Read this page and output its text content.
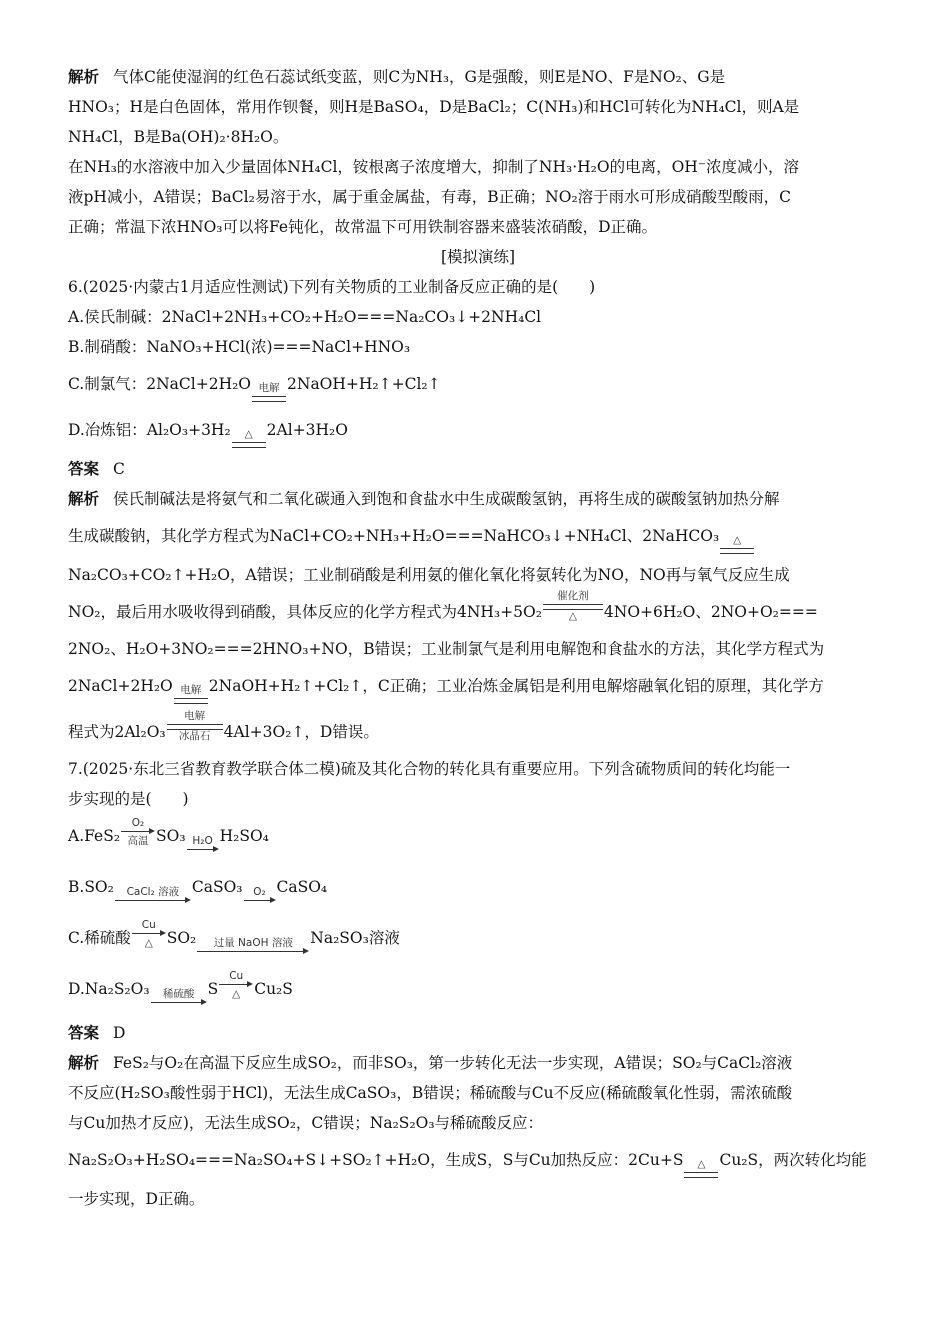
解析 气体C能使湿润的红色石蕊试纸变蓝，则C为NH₃，G是强酸，则E是NO、F是NO₂、G是
HNO₃；H是白色固体，常用作钡餐，则H是BaSO₄，D是BaCl₂；C(NH₃)和HCl可转化为NH₄Cl，则A是
NH₄Cl，B是Ba(OH)₂·8H₂O。
在NH₃的水溶液中加入少量固体NH₄Cl，铵根离子浓度增大，抑制了NH₃·H₂O的电离，OH⁻浓度减小，溶
液pH减小，A错误；BaCl₂易溶于水，属于重金属盐，有毒，B正确；NO₂溶于雨水可形成硝酸型酸雨，C
正确；常温下浓HNO₃可以将Fe钝化，故常温下可用铁制容器来盛装浓硝酸，D正确。
[模拟演练]
6.(2025·内蒙古1月适应性测试)下列有关物质的工业制备反应正确的是(　　)
A.侯氏制碱：2NaCl+2NH₃+CO₂+H₂O===Na₂CO₃↓+2NH₄Cl
B.制硝酸：NaNO₃+HCl(浓)===NaCl+HNO₃
C.制氯气：2NaCl+2H₂O 电解 2NaOH+H₂↑+Cl₂↑
D.冶炼铝：Al₂O₃+3H₂	△ 2Al+3H₂O
答案 C
解析 侯氏制碱法是将氨气和二氧化碳通入到饱和食盐水中生成碳酸氢钠，再将生成的碳酸氢钠加热分解
生成碳酸钠，其化学方程式为NaCl+CO₂+NH₃+H₂O===NaHCO₃↓+NH₄Cl、2NaHCO₃	△
Na₂CO₃+CO₂↑+H₂O，A错误；工业制硝酸是利用氨的催化氧化将氨转化为NO，NO再与氧气反应生成
NO₂，最后用水吸收得到硝酸，具体反应的化学方程式为4NH₃+5O₂
催化剂
△	4NO+6H₂O、2NO+O₂===
2NO₂、H₂O+3NO₂===2HNO₃+NO，B错误；工业制氯气是利用电解饱和食盐水的方法，其化学方程式为
2NaCl+2H₂O 电解 2NaOH+H₂↑+Cl₂↑，C正确；工业冶炼金属铝是利用电解熔融氧化铝的原理，其化学方
程式为2Al₂O₃
电解
冰晶石 4Al+3O₂↑，D错误。
7.(2025·东北三省教育教学联合体二模)硫及其化合物的转化具有重要应用。下列含硫物质间的转化均能一
步实现的是(　　)
A.FeS₂
O₂
高温 SO₃ H₂O H₂SO₄
B.SO₂	CaCl₂ 溶液 CaSO₃	O₂ CaSO₄
C.稀硫酸
Cu
△ SO₂	过量 NaOH 溶液	Na₂SO₃溶液
D.Na₂S₂O₃	稀硫酸 S
Cu
△ Cu₂S
答案 D
解析 FeS₂与O₂在高温下反应生成SO₂，而非SO₃，第一步转化无法一步实现，A错误；SO₂与CaCl₂溶液
不反应(H₂SO₃酸性弱于HCl)，无法生成CaSO₃，B错误；稀硫酸与Cu不反应(稀硫酸氧化性弱，需浓硫酸
与Cu加热才反应)，无法生成SO₂，C错误；Na₂S₂O₃与稀硫酸反应：
Na₂S₂O₃+H₂SO₄===Na₂SO₄+S↓+SO₂↑+H₂O，生成S，S与Cu加热反应：2Cu+S	△ Cu₂S，两次转化均能
一步实现，D正确。
